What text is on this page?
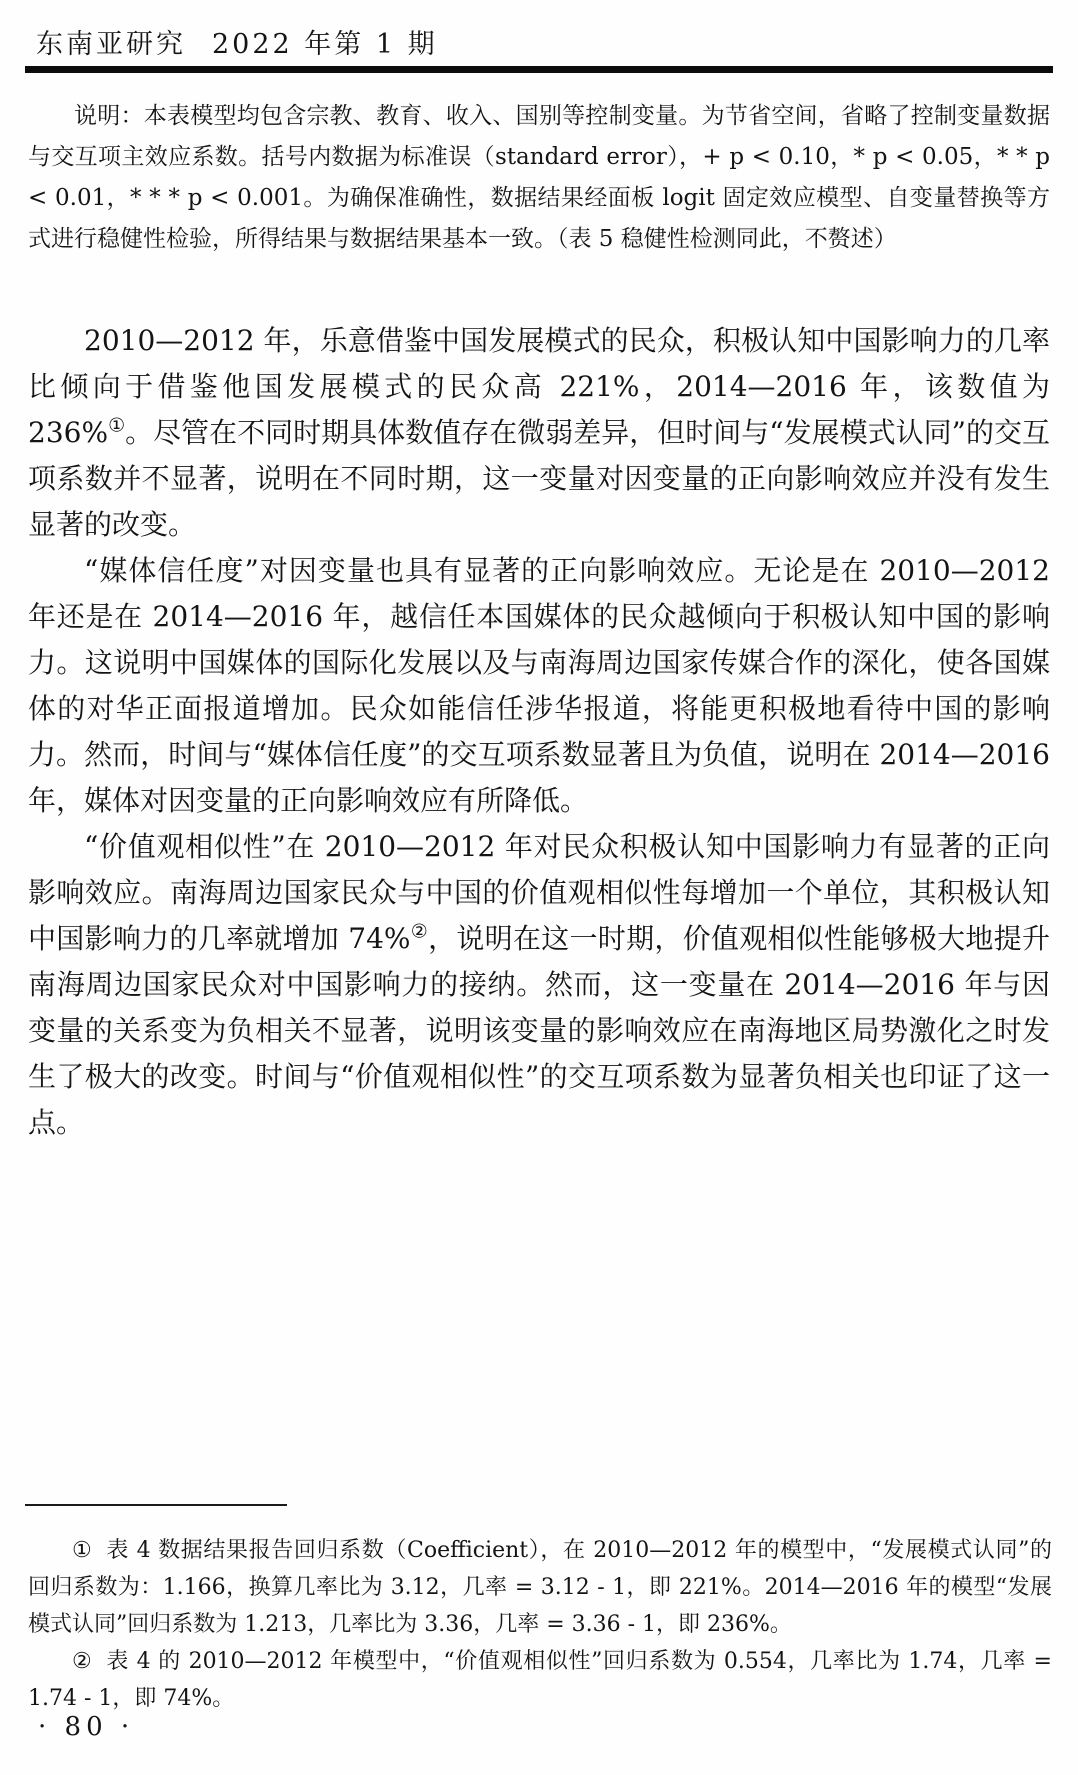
东南亚研究 2022 年第 1 期

说明：本表模型均包含宗教、教育、收入、国别等控制变量。为节省空间，省略了控制变量数据与交互项主效应系数。括号内数据为标准误（standard error），+ p < 0.10，* p < 0.05，* * p < 0.01，* * * p < 0.001。为确保准确性，数据结果经面板 logit 固定效应模型、自变量替换等方式进行稳健性检验，所得结果与数据结果基本一致。（表 5 稳健性检测同此，不赘述）

2010—2012 年，乐意借鉴中国发展模式的民众，积极认知中国影响力的几率比倾向于借鉴他国发展模式的民众高 221%，2014—2016 年，该数值为 236%①。尽管在不同时期具体数值存在微弱差异，但时间与“发展模式认同”的交互项系数并不显著，说明在不同时期，这一变量对因变量的正向影响效应并没有发生显著的改变。

“媒体信任度”对因变量也具有显著的正向影响效应。无论是在 2010—2012 年还是在 2014—2016 年，越信任本国媒体的民众越倾向于积极认知中国的影响力。这说明中国媒体的国际化发展以及与南海周边国家传媒合作的深化，使各国媒体的对华正面报道增加。民众如能信任涉华报道，将能更积极地看待中国的影响力。然而，时间与“媒体信任度”的交互项系数显著且为负值，说明在 2014—2016 年，媒体对因变量的正向影响效应有所降低。

“价值观相似性”在 2010—2012 年对民众积极认知中国影响力有显著的正向影响效应。南海周边国家民众与中国的价值观相似性每增加一个单位，其积极认知中国影响力的几率就增加 74%②，说明在这一时期，价值观相似性能够极大地提升南海周边国家民众对中国影响力的接纳。然而，这一变量在 2014—2016 年与因变量的关系变为负相关不显著，说明该变量的影响效应在南海地区局势激化之时发生了极大的改变。时间与“价值观相似性”的交互项系数为显著负相关也印证了这一点。

① 表 4 数据结果报告回归系数（Coefficient），在 2010—2012 年的模型中，“发展模式认同”的回归系数为：1.166，换算几率比为 3.12，几率 = 3.12 - 1，即 221%。2014—2016 年的模型“发展模式认同”回归系数为 1.213，几率比为 3.36，几率 = 3.36 - 1，即 236%。

② 表 4 的 2010—2012 年模型中，“价值观相似性”回归系数为 0.554，几率比为 1.74，几率 = 1.74 - 1，即 74%。

· 80 ·
